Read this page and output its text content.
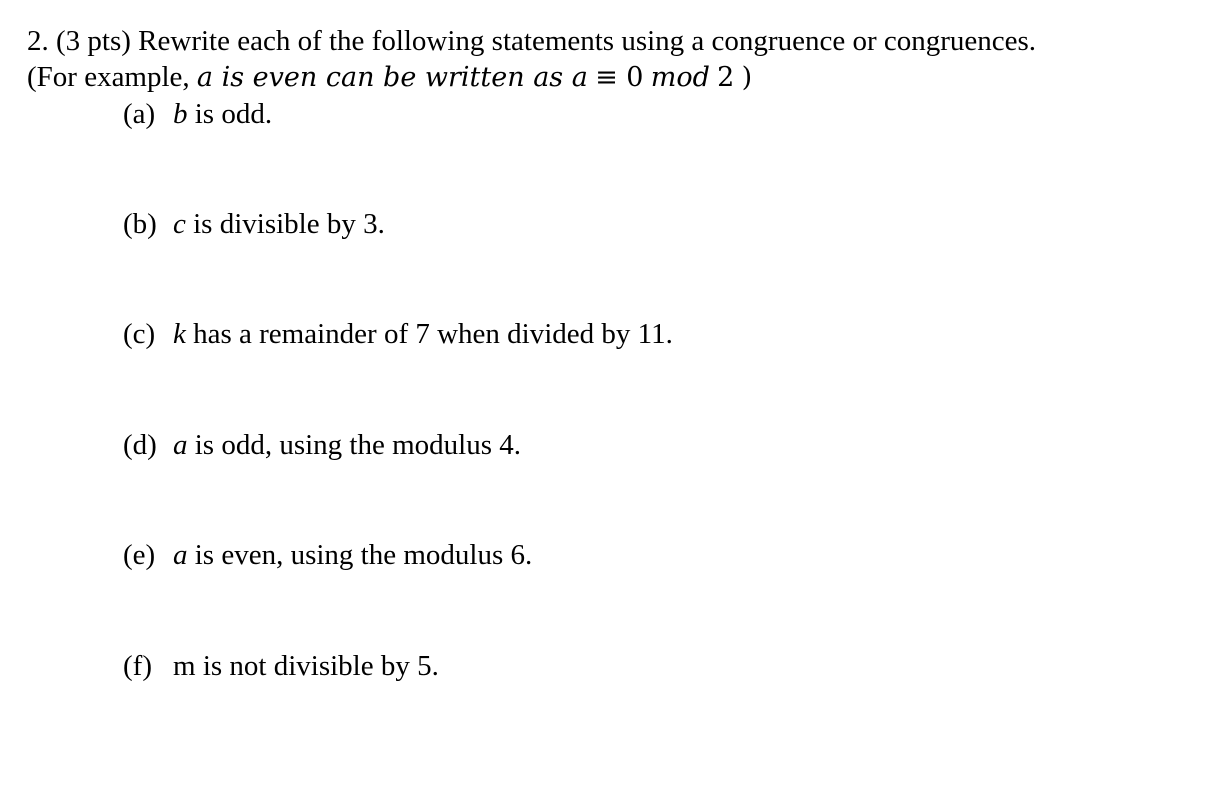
2. (3 pts) Rewrite each of the following statements using a congruence or congruences.
(For example, a is even can be written as a ≡ 0 mod 2 )
(a) b is odd.
(b) c is divisible by 3.
(c) k has a remainder of 7 when divided by 11.
(d) a is odd, using the modulus 4.
(e) a is even, using the modulus 6.
(f) m is not divisible by 5.
